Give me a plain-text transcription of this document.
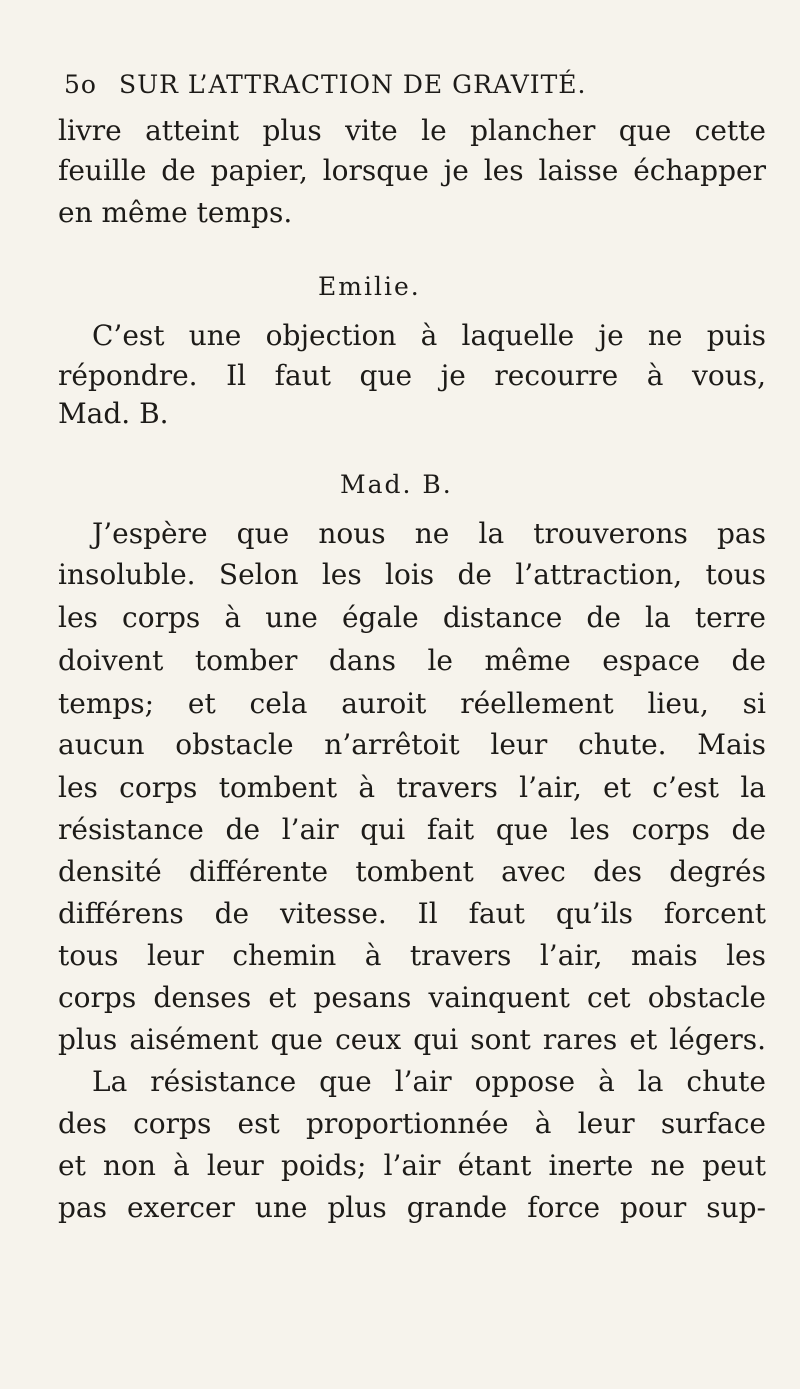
5o SUR L’ATTRACTION DE GRAVITÉ.
livre atteint plus vite le plancher que cette
feuille de papier, lorsque je les laisse échapper
en même temps.
Emilie.
C’est une objection à laquelle je ne puis
répondre. Il faut que je recourre à vous,
Mad. B.
Mad. B.
J’espère que nous ne la trouverons pas
insoluble. Selon les lois de l’attraction, tous
les corps à une égale distance de la terre
doivent tomber dans le même espace de
temps; et cela auroit réellement lieu, si
aucun obstacle n’arrêtoit leur chute. Mais
les corps tombent à travers l’air, et c’est la
résistance de l’air qui fait que les corps de
densité différente tombent avec des degrés
différens de vitesse. Il faut qu’ils forcent
tous leur chemin à travers l’air, mais les
corps denses et pesans vainquent cet obstacle
plus aisément que ceux qui sont rares et légers.
La résistance que l’air oppose à la chute
des corps est proportionnée à leur surface
et non à leur poids; l’air étant inerte ne peut
pas exercer une plus grande force pour sup-
